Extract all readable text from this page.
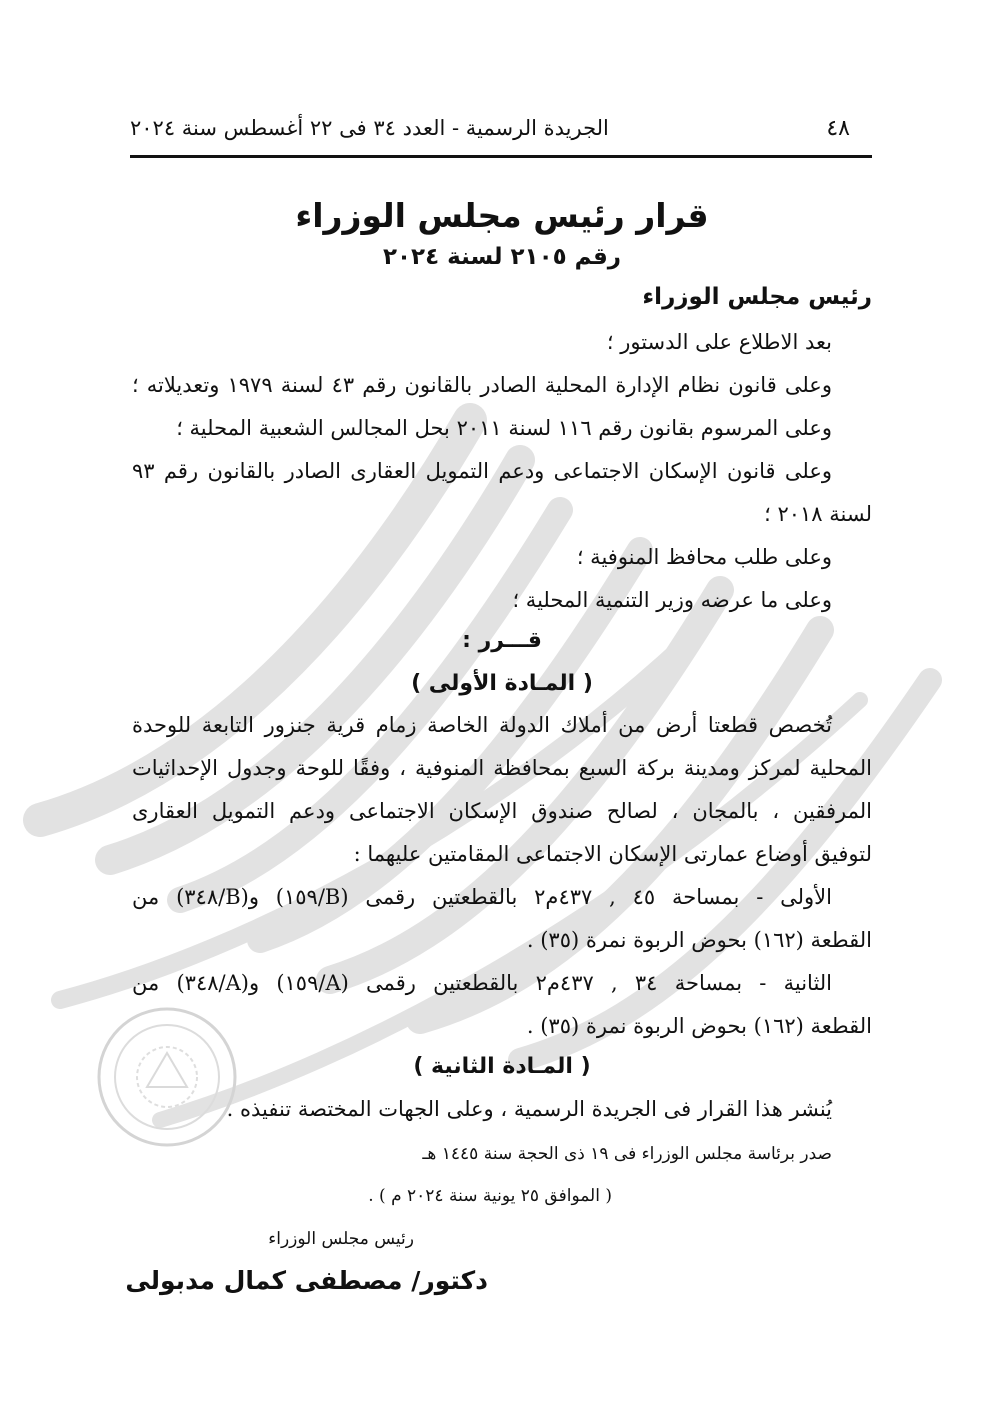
٤٨
الجريدة الرسمية - العدد ٣٤ فى ٢٢ أغسطس سنة ٢٠٢٤
قرار رئيس مجلس الوزراء
رقم ٢١٠٥ لسنة ٢٠٢٤
رئيس مجلس الوزراء
بعد الاطلاع على الدستور ؛
وعلى قانون نظام الإدارة المحلية الصادر بالقانون رقم ٤٣ لسنة ١٩٧٩ وتعديلاته ؛
وعلى المرسوم بقانون رقم ١١٦ لسنة ٢٠١١ بحل المجالس الشعبية المحلية ؛
وعلى قانون الإسكان الاجتماعى ودعم التمويل العقارى الصادر بالقانون رقم ٩٣
لسنة ٢٠١٨ ؛
وعلى طلب محافظ المنوفية ؛
وعلى ما عرضه وزير التنمية المحلية ؛
قـــرر :
( المـادة الأولى )
تُخصص قطعتا أرض من أملاك الدولة الخاصة زمام قرية جنزور التابعة للوحدة
المحلية لمركز ومدينة بركة السبع بمحافظة المنوفية ، وفقًا للوحة وجدول الإحداثيات
المرفقين ، بالمجان ، لصالح صندوق الإسكان الاجتماعى ودعم التمويل العقارى
لتوفيق أوضاع عمارتى الإسكان الاجتماعى المقامتين عليهما :
الأولى - بمساحة ٤٥ , ٤٣٧م٢ بالقطعتين رقمى (B/١٥٩) و(B/٣٤٨) من
القطعة (١٦٢) بحوض الربوة نمرة (٣٥) .
الثانية - بمساحة ٣٤ , ٤٣٧م٢ بالقطعتين رقمى (A/١٥٩) و(A/٣٤٨) من
القطعة (١٦٢) بحوض الربوة نمرة (٣٥) .
( المـادة الثانية )
يُنشر هذا القرار فى الجريدة الرسمية ، وعلى الجهات المختصة تنفيذه .
صدر برئاسة مجلس الوزراء فى ١٩ ذى الحجة سنة ١٤٤٥ هـ
( الموافق ٢٥ يونية سنة ٢٠٢٤ م ) .
رئيس مجلس الوزراء
دكتور/ مصطفى كمال مدبولى
